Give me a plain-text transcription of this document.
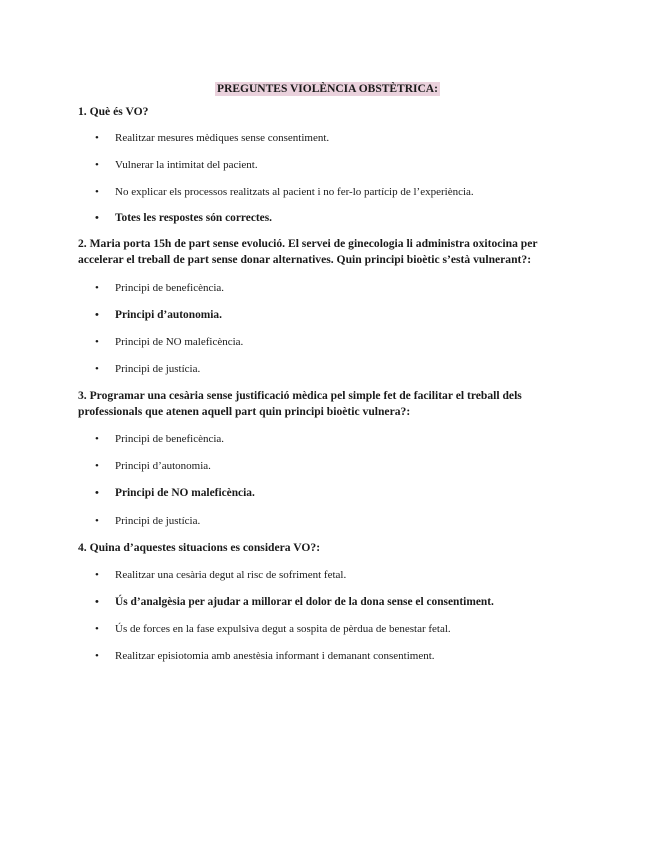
PREGUNTES VIOLÈNCIA OBSTÈTRICA:
1. Què és VO?
• Realitzar mesures mèdiques sense consentiment.
• Vulnerar la intimitat del pacient.
• No explicar els processos realitzats al pacient i no fer-lo partícip de l’experiència.
• Totes les respostes són correctes.
2. Maria porta 15h de part sense evolució. El servei de ginecologia li administra oxitocina per accelerar el treball de part sense donar alternatives. Quin principi bioètic s’està vulnerant?:
• Principi de beneficència.
• Principi d’autonomia.
• Principi de NO maleficència.
• Principi de justícia.
3. Programar una cesària sense justificació mèdica pel simple fet de facilitar el treball dels professionals que atenen aquell part quin principi bioètic vulnera?:
• Principi de beneficència.
• Principi d’autonomia.
• Principi de NO maleficència.
• Principi de justícia.
4. Quina d’aquestes situacions es considera VO?:
• Realitzar una cesària degut al risc de sofriment fetal.
• Ús d’analgèsia per ajudar a millorar el dolor de la dona sense el consentiment.
• Ús de forces en la fase expulsiva degut a sospita de pèrdua de benestar fetal.
• Realitzar episiotomia amb anestèsia informant i demanant consentiment.
